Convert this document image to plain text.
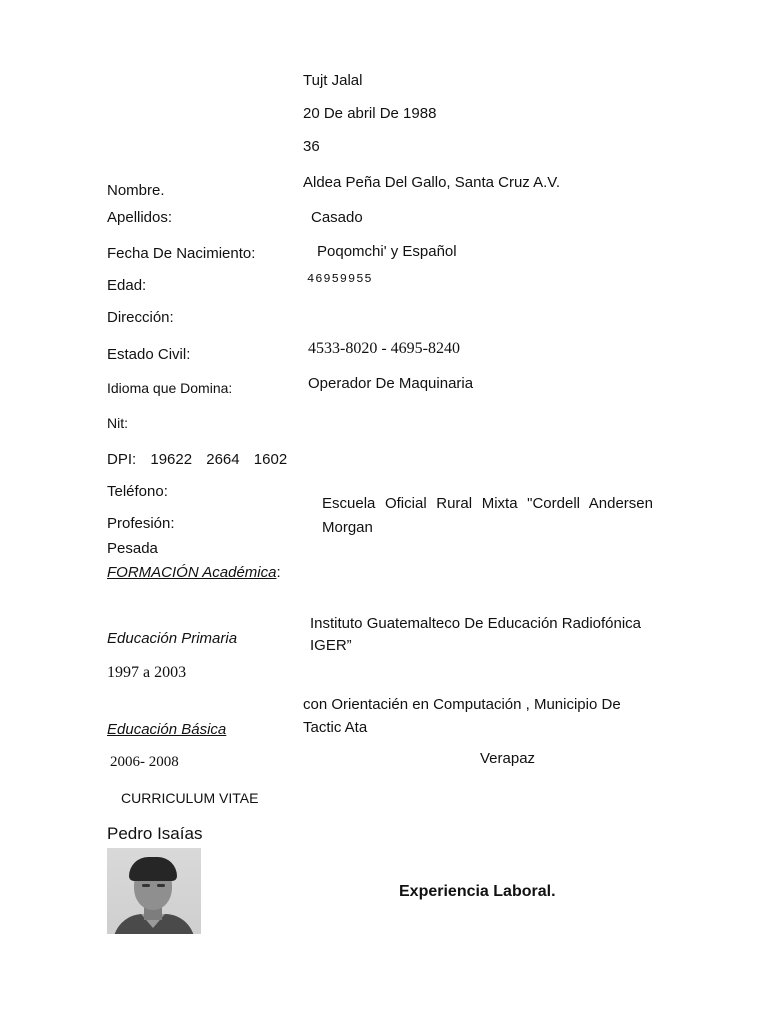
Tujt Jalal
20 De abril De 1988
36
Aldea Peña Del Gallo, Santa Cruz A.V.
Casado
Poqomchi' y Español
46959955
4533-8020 - 4695-8240
Operador De Maquinaria
Escuela Oficial Rural Mixta "Cordell Andersen Morgan
Instituto Guatemalteco De Educación Radiofónica IGER”
con Orientacién en Computación , Municipio De Tactic Ata
Verapaz
Nombre.
Apellidos:
Fecha De Nacimiento:
Edad:
Dirección:
Estado Civil:
Idioma que Domina:
Nit:
DPI: 19622 2664 1602
Teléfono:
Profesión:
Pesada
FORMACIÓN Académica:
Educación Primaria
1997 a 2003
Educación Básica
2006- 2008
CURRICULUM VITAE
Pedro Isaías
Experiencia Laboral.
